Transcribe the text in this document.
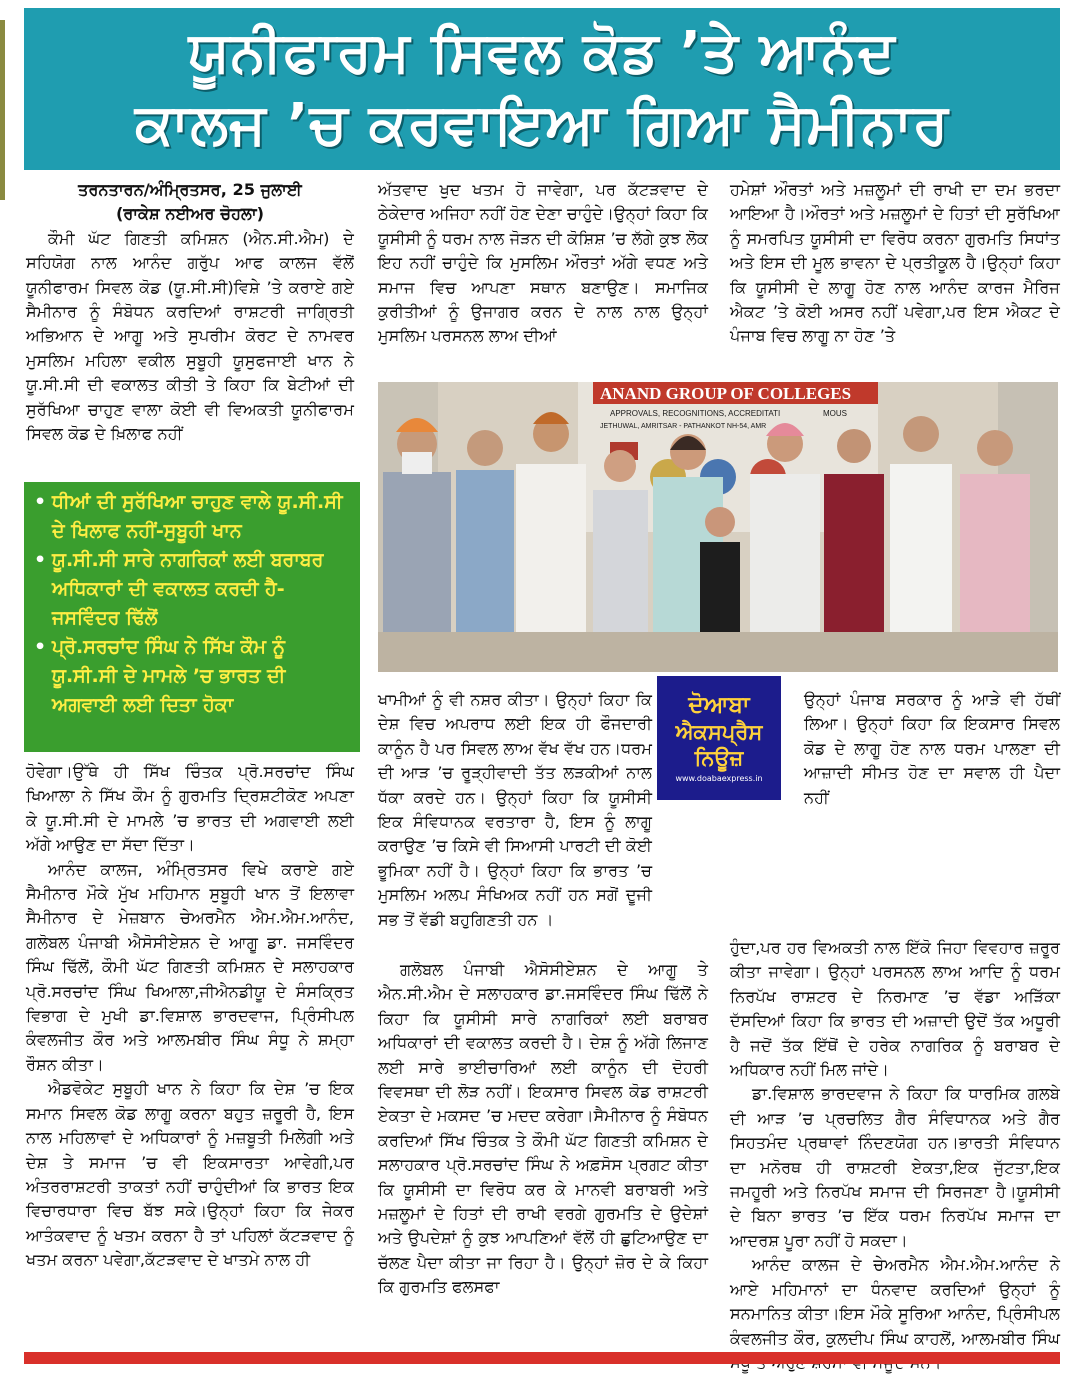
ਯੂਨੀਫਾਰਮ ਸਿਵਲ ਕੋਡ ’ਤੇ ਆਨੰਦ
ਕਾਲਜ ’ਚ ਕਰਵਾਇਆ ਗਿਆ ਸੈਮੀਨਾਰ
ਤਰਨਤਾਰਨ/ਅੰਮ੍ਰਿਤਸਰ, 25 ਜੁਲਾਈ
(ਰਾਕੇਸ਼ ਨਈਅਰ ਚੋਹਲਾ)

ਕੌਮੀ ਘੱਟ ਗਿਣਤੀ ਕਮਿਸ਼ਨ (ਐਨ.ਸੀ.ਐਮ) ਦੇ ਸਹਿਯੋਗ ਨਾਲ ਆਨੰਦ ਗਰੁੱਪ ਆਫ ਕਾਲਜ ਵੱਲੋਂ ਯੂਨੀਫਾਰਮ ਸਿਵਲ ਕੋਡ (ਯੂ.ਸੀ.ਸੀ)ਵਿਸ਼ੇ ’ਤੇ ਕਰਾਏ ਗਏ ਸੈਮੀਨਾਰ ਨੂੰ ਸੰਬੋਧਨ ਕਰਦਿਆਂ ਰਾਸ਼ਟਰੀ ਜਾਗ੍ਰਿਤੀ ਅਭਿਆਨ ਦੇ ਆਗੂ ਅਤੇ ਸੁਪਰੀਮ ਕੋਰਟ ਦੇ ਨਾਮਵਰ ਮੁਸਲਿਮ ਮਹਿਲਾ ਵਕੀਲ ਸੁਬੂਹੀ ਯੂਸੁਫਜਾਈ ਖਾਨ ਨੇ ਯੂ.ਸੀ.ਸੀ ਦੀ ਵਕਾਲਤ ਕੀਤੀ ਤੇ ਕਿਹਾ ਕਿ ਬੇਟੀਆਂ ਦੀ ਸੁਰੱਖਿਆ ਚਾਹੁਣ ਵਾਲਾ ਕੋਈ ਵੀ ਵਿਅਕਤੀ ਯੂਨੀਫਾਰਮ ਸਿਵਲ ਕੋਡ ਦੇ ਖ਼ਿਲਾਫ ਨਹੀਂ

• ਧੀਆਂ ਦੀ ਸੁਰੱਖਿਆ ਚਾਹੁਣ ਵਾਲੇ ਯੂ.ਸੀ.ਸੀ ਦੇ ਖਿਲਾਫ ਨਹੀਂ-ਸੁਬੂਹੀ ਖਾਨ
• ਯੂ.ਸੀ.ਸੀ ਸਾਰੇ ਨਾਗਰਿਕਾਂ ਲਈ ਬਰਾਬਰ ਅਧਿਕਾਰਾਂ ਦੀ ਵਕਾਲਤ ਕਰਦੀ ਹੈ-ਜਸਵਿੰਦਰ ਢਿੱਲੋਂ
• ਪ੍ਰੋ.ਸਰਚਾਂਦ ਸਿੰਘ ਨੇ ਸਿੱਖ ਕੌਮ ਨੂੰ ਯੂ.ਸੀ.ਸੀ ਦੇ ਮਾਮਲੇ ’ਚ ਭਾਰਤ ਦੀ ਅਗਵਾਈ ਲਈ ਦਿਤਾ ਹੋਕਾ

ਹੋਵੇਗਾ।ਉੱਥੇ ਹੀ ਸਿੱਖ ਚਿੰਤਕ ਪ੍ਰੋ.ਸਰਚਾਂਦ ਸਿੰਘ ਖਿਆਲਾ ਨੇ ਸਿੱਖ ਕੌਮ ਨੂੰ ਗੁਰਮਤਿ ਦ੍ਰਿਸ਼ਟੀਕੋਣ ਅਪਣਾ ਕੇ ਯੂ.ਸੀ.ਸੀ ਦੇ ਮਾਮਲੇ ’ਚ ਭਾਰਤ ਦੀ ਅਗਵਾਈ ਲਈ ਅੱਗੇ ਆਉਣ ਦਾ ਸੱਦਾ ਦਿੱਤਾ।

ਆਨੰਦ ਕਾਲਜ, ਅੰਮ੍ਰਿਤਸਰ ਵਿਖੇ ਕਰਾਏ ਗਏ ਸੈਮੀਨਾਰ ਮੌਕੇ ਮੁੱਖ ਮਹਿਮਾਨ ਸੁਬੂਹੀ ਖਾਨ ਤੋਂ ਇਲਾਵਾ ਸੈਮੀਨਾਰ ਦੇ ਮੇਜ਼ਬਾਨ ਚੇਅਰਮੈਨ ਐਮ.ਐਮ.ਆਨੰਦ, ਗਲੋਬਲ ਪੰਜਾਬੀ ਐਸੋਸੀਏਸ਼ਨ ਦੇ ਆਗੂ ਡਾ. ਜਸਵਿੰਦਰ ਸਿੰਘ ਢਿੱਲੋਂ, ਕੌਮੀ ਘੱਟ ਗਿਣਤੀ ਕਮਿਸ਼ਨ ਦੇ ਸਲਾਹਕਾਰ ਪ੍ਰੋ.ਸਰਚਾਂਦ ਸਿੰਘ ਖਿਆਲਾ,ਜੀਐਨਡੀਯੂ ਦੇ ਸੰਸਕ੍ਰਿਤ ਵਿਭਾਗ ਦੇ ਮੁਖੀ ਡਾ.ਵਿਸ਼ਾਲ ਭਾਰਦਵਾਜ, ਪ੍ਰਿੰਸੀਪਲ ਕੰਵਲਜੀਤ ਕੌਰ ਅਤੇ ਆਲਮਬੀਰ ਸਿੰਘ ਸੰਧੂ ਨੇ ਸ਼ਮ੍ਹਾ ਰੌਸ਼ਨ ਕੀਤਾ।

ਐਡਵੋਕੇਟ ਸੁਬੂਹੀ ਖਾਨ ਨੇ ਕਿਹਾ ਕਿ ਦੇਸ਼ ’ਚ ਇਕ ਸਮਾਨ ਸਿਵਲ ਕੋਡ ਲਾਗੂ ਕਰਨਾ ਬਹੁਤ ਜ਼ਰੂਰੀ ਹੈ, ਇਸ ਨਾਲ ਮਹਿਲਾਵਾਂ ਦੇ ਅਧਿਕਾਰਾਂ ਨੂੰ ਮਜ਼ਬੂਤੀ ਮਿਲੇਗੀ ਅਤੇ ਦੇਸ਼ ਤੇ ਸਮਾਜ ’ਚ ਵੀ ਇਕਸਾਰਤਾ ਆਵੇਗੀ,ਪਰ ਅੰਤਰਰਾਸ਼ਟਰੀ ਤਾਕਤਾਂ ਨਹੀਂ ਚਾਹੁੰਦੀਆਂ ਕਿ ਭਾਰਤ ਇਕ ਵਿਚਾਰਧਾਰਾ ਵਿਚ ਬੱਝ ਸਕੇ।ਉਨ੍ਹਾਂ ਕਿਹਾ ਕਿ ਜੇਕਰ ਆਤੰਕਵਾਦ ਨੂੰ ਖਤਮ ਕਰਨਾ ਹੈ ਤਾਂ ਪਹਿਲਾਂ ਕੱਟੜਵਾਦ ਨੂੰ ਖਤਮ ਕਰਨਾ ਪਵੇਗਾ,ਕੱਟੜਵਾਦ ਦੇ ਖਾਤਮੇ ਨਾਲ ਹੀ

ਅੱਤਵਾਦ ਖੁਦ ਖਤਮ ਹੋ ਜਾਵੇਗਾ, ਪਰ ਕੱਟੜਵਾਦ ਦੇ ਠੇਕੇਦਾਰ ਅਜਿਹਾ ਨਹੀਂ ਹੋਣ ਦੇਣਾ ਚਾਹੁੰਦੇ।ਉਨ੍ਹਾਂ ਕਿਹਾ ਕਿ ਯੂਸੀਸੀ ਨੂੰ ਧਰਮ ਨਾਲ ਜੋੜਨ ਦੀ ਕੋਸ਼ਿਸ਼ ’ਚ ਲੱਗੇ ਕੁਝ ਲੋਕ ਇਹ ਨਹੀਂ ਚਾਹੁੰਦੇ ਕਿ ਮੁਸਲਿਮ ਔਰਤਾਂ ਅੱਗੇ ਵਧਣ ਅਤੇ ਸਮਾਜ ਵਿਚ ਆਪਣਾ ਸਥਾਨ ਬਣਾਉਣ। ਸਮਾਜਿਕ ਕੁਰੀਤੀਆਂ ਨੂੰ ਉਜਾਗਰ ਕਰਨ ਦੇ ਨਾਲ ਨਾਲ ਉਨ੍ਹਾਂ ਮੁਸਲਿਮ ਪਰਸਨਲ ਲਾਅ ਦੀਆਂ

ਹਮੇਸ਼ਾਂ ਔਰਤਾਂ ਅਤੇ ਮਜ਼ਲੂਮਾਂ ਦੀ ਰਾਖੀ ਦਾ ਦਮ ਭਰਦਾ ਆਇਆ ਹੈ।ਔਰਤਾਂ ਅਤੇ ਮਜ਼ਲੂਮਾਂ ਦੇ ਹਿਤਾਂ ਦੀ ਸੁਰੱਖਿਆ ਨੂੰ ਸਮਰਪਿਤ ਯੂਸੀਸੀ ਦਾ ਵਿਰੋਧ ਕਰਨਾ ਗੁਰਮਤਿ ਸਿਧਾਂਤ ਅਤੇ ਇਸ ਦੀ ਮੂਲ ਭਾਵਨਾ ਦੇ ਪ੍ਰਤੀਕੂਲ ਹੈ।ਉਨ੍ਹਾਂ ਕਿਹਾ ਕਿ ਯੂਸੀਸੀ ਦੇ ਲਾਗੂ ਹੋਣ ਨਾਲ ਆਨੰਦ ਕਾਰਜ ਮੈਰਿਜ ਐਕਟ ’ਤੇ ਕੋਈ ਅਸਰ ਨਹੀਂ ਪਵੇਗਾ,ਪਰ ਇਸ ਐਕਟ ਦੇ ਪੰਜਾਬ ਵਿਚ ਲਾਗੂ ਨਾ ਹੋਣ ’ਤੇ

ANAND GROUP OF COLLEGES
APPROVALS, RECOGNITIONS, ACCREDITATI	MOUS
JETHUWAL, AMRITSAR - PATHANKOT NH-54, AMR
ਦੋਆਬਾ
ਐਕਸਪ੍ਰੈਸ
ਨਿਊਜ਼
www.doabaexpress.in

ਖਾਮੀਆਂ ਨੂੰ ਵੀ ਨਸ਼ਰ ਕੀਤਾ। ਉਨ੍ਹਾਂ ਕਿਹਾ ਕਿ ਦੇਸ਼ ਵਿਚ ਅਪਰਾਧ ਲਈ ਇਕ ਹੀ ਫੌਜਦਾਰੀ ਕਾਨੂੰਨ ਹੈ ਪਰ ਸਿਵਲ ਲਾਅ ਵੱਖ ਵੱਖ ਹਨ।ਧਰਮ ਦੀ ਆੜ ’ਚ ਰੂੜ੍ਹੀਵਾਦੀ ਤੱਤ ਲੜਕੀਆਂ ਨਾਲ ਧੱਕਾ ਕਰਦੇ ਹਨ। ਉਨ੍ਹਾਂ ਕਿਹਾ ਕਿ ਯੂਸੀਸੀ ਇਕ ਸੰਵਿਧਾਨਕ ਵਰਤਾਰਾ ਹੈ, ਇਸ ਨੂੰ ਲਾਗੂ ਕਰਾਉਣ ’ਚ ਕਿਸੇ ਵੀ ਸਿਆਸੀ ਪਾਰਟੀ ਦੀ ਕੋਈ ਭੂਮਿਕਾ ਨਹੀਂ ਹੈ। ਉਨ੍ਹਾਂ ਕਿਹਾ ਕਿ ਭਾਰਤ ’ਚ ਮੁਸਲਿਮ ਅਲਪ ਸੰਖਿਅਕ ਨਹੀਂ ਹਨ ਸਗੋਂ ਦੂਜੀ ਸਭ ਤੋਂ ਵੱਡੀ ਬਹੁਗਿਣਤੀ ਹਨ ।

ਗਲੋਬਲ ਪੰਜਾਬੀ ਐਸੋਸੀਏਸ਼ਨ ਦੇ ਆਗੂ ਤੇ ਐਨ.ਸੀ.ਐਮ ਦੇ ਸਲਾਹਕਾਰ ਡਾ.ਜਸਵਿੰਦਰ ਸਿੰਘ ਢਿੱਲੋਂ ਨੇ ਕਿਹਾ ਕਿ ਯੂਸੀਸੀ ਸਾਰੇ ਨਾਗਰਿਕਾਂ ਲਈ ਬਰਾਬਰ ਅਧਿਕਾਰਾਂ ਦੀ ਵਕਾਲਤ ਕਰਦੀ ਹੈ। ਦੇਸ਼ ਨੂੰ ਅੱਗੇ ਲਿਜਾਣ ਲਈ ਸਾਰੇ ਭਾਈਚਾਰਿਆਂ ਲਈ ਕਾਨੂੰਨ ਦੀ ਦੋਹਰੀ ਵਿਵਸਥਾ ਦੀ ਲੋੜ ਨਹੀਂ। ਇਕਸਾਰ ਸਿਵਲ ਕੋਡ ਰਾਸ਼ਟਰੀ ਏਕਤਾ ਦੇ ਮਕਸਦ ’ਚ ਮਦਦ ਕਰੇਗਾ।ਸੈਮੀਨਾਰ ਨੂੰ ਸੰਬੋਧਨ ਕਰਦਿਆਂ ਸਿੱਖ ਚਿੰਤਕ ਤੇ ਕੌਮੀ ਘੱਟ ਗਿਣਤੀ ਕਮਿਸ਼ਨ ਦੇ ਸਲਾਹਕਾਰ ਪ੍ਰੋ.ਸਰਚਾਂਦ ਸਿੰਘ ਨੇ ਅਫ਼ਸੋਸ ਪ੍ਰਗਟ ਕੀਤਾ ਕਿ ਯੂਸੀਸੀ ਦਾ ਵਿਰੋਧ ਕਰ ਕੇ ਮਾਨਵੀ ਬਰਾਬਰੀ ਅਤੇ ਮਜ਼ਲੂਮਾਂ ਦੇ ਹਿਤਾਂ ਦੀ ਰਾਖੀ ਵਰਗੇ ਗੁਰਮਤਿ ਦੇ ਉਦੇਸ਼ਾਂ ਅਤੇ ਉਪਦੇਸ਼ਾਂ ਨੂੰ ਕੁਝ ਆਪਣਿਆਂ ਵੱਲੋਂ ਹੀ ਛੁਟਿਆਉਣ ਦਾ ਚੱਲਣ ਪੈਦਾ ਕੀਤਾ ਜਾ ਰਿਹਾ ਹੈ। ਉਨ੍ਹਾਂ ਜ਼ੋਰ ਦੇ ਕੇ ਕਿਹਾ ਕਿ ਗੁਰਮਤਿ ਫਲਸਫਾ

ਉਨ੍ਹਾਂ ਪੰਜਾਬ ਸਰਕਾਰ ਨੂੰ ਆੜੇ ਵੀ ਹੱਥੀਂ ਲਿਆ। ਉਨ੍ਹਾਂ ਕਿਹਾ ਕਿ ਇਕਸਾਰ ਸਿਵਲ ਕੋਡ ਦੇ ਲਾਗੂ ਹੋਣ ਨਾਲ ਧਰਮ ਪਾਲਣਾ ਦੀ ਆਜ਼ਾਦੀ ਸੀਮਤ ਹੋਣ ਦਾ ਸਵਾਲ ਹੀ ਪੈਦਾ ਨਹੀਂ

ਹੁੰਦਾ,ਪਰ ਹਰ ਵਿਅਕਤੀ ਨਾਲ ਇੱਕੋ ਜਿਹਾ ਵਿਵਹਾਰ ਜ਼ਰੂਰ ਕੀਤਾ ਜਾਵੇਗਾ। ਉਨ੍ਹਾਂ ਪਰਸਨਲ ਲਾਅ ਆਦਿ ਨੂੰ ਧਰਮ ਨਿਰਪੱਖ ਰਾਸ਼ਟਰ ਦੇ ਨਿਰਮਾਣ ’ਚ ਵੱਡਾ ਅੜਿੱਕਾ ਦੱਸਦਿਆਂ ਕਿਹਾ ਕਿ ਭਾਰਤ ਦੀ ਅਜ਼ਾਦੀ ਉਦੋਂ ਤੱਕ ਅਧੂਰੀ ਹੈ ਜਦੋਂ ਤੱਕ ਇੱਥੋਂ ਦੇ ਹਰੇਕ ਨਾਗਰਿਕ ਨੂੰ ਬਰਾਬਰ ਦੇ ਅਧਿਕਾਰ ਨਹੀਂ ਮਿਲ ਜਾਂਦੇ।

ਡਾ.ਵਿਸ਼ਾਲ ਭਾਰਦਵਾਜ ਨੇ ਕਿਹਾ ਕਿ ਧਾਰਮਿਕ ਗਲਬੇ ਦੀ ਆੜ ’ਚ ਪ੍ਰਚਲਿਤ ਗੈਰ ਸੰਵਿਧਾਨਕ ਅਤੇ ਗੈਰ ਸਿਹਤਮੰਦ ਪ੍ਰਥਾਵਾਂ ਨਿੰਦਣਯੋਗ ਹਨ।ਭਾਰਤੀ ਸੰਵਿਧਾਨ ਦਾ ਮਨੋਰਥ ਹੀ ਰਾਸ਼ਟਰੀ ਏਕਤਾ,ਇਕ ਜੁੱਟਤਾ,ਇਕ ਜਮਹੂਰੀ ਅਤੇ ਨਿਰਪੱਖ ਸਮਾਜ ਦੀ ਸਿਰਜਣਾ ਹੈ।ਯੂਸੀਸੀ ਦੇ ਬਿਨਾ ਭਾਰਤ ’ਚ ਇੱਕ ਧਰਮ ਨਿਰਪੱਖ ਸਮਾਜ ਦਾ ਆਦਰਸ਼ ਪੂਰਾ ਨਹੀਂ ਹੋ ਸਕਦਾ।

ਆਨੰਦ ਕਾਲਜ ਦੇ ਚੇਅਰਮੈਨ ਐਮ.ਐਮ.ਆਨੰਦ ਨੇ ਆਏ ਮਹਿਮਾਨਾਂ ਦਾ ਧੰਨਵਾਦ ਕਰਦਿਆਂ ਉਨ੍ਹਾਂ ਨੂੰ ਸਨਮਾਨਿਤ ਕੀਤਾ।ਇਸ ਮੌਕੇ ਸੂਰਿਆ ਆਨੰਦ, ਪ੍ਰਿੰਸੀਪਲ ਕੰਵਲਜੀਤ ਕੌਰ, ਕੁਲਦੀਪ ਸਿੰਘ ਕਾਹਲੋਂ, ਆਲਮਬੀਰ ਸਿੰਘ
